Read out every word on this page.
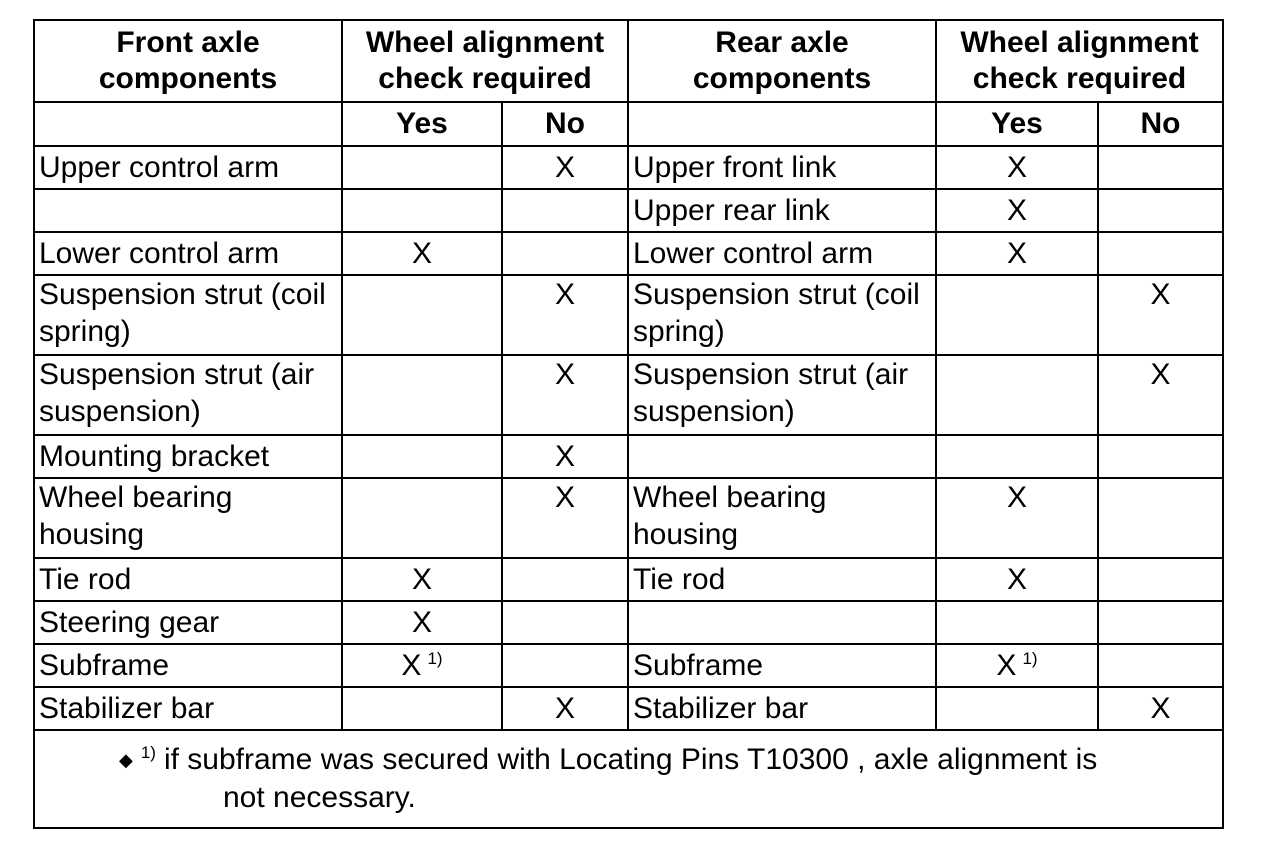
Front axle components	Wheel alignment check required		Rear axle components	Wheel alignment check required	
	Yes	No		Yes	No
Upper control arm		X	Upper front link	X	
			Upper rear link	X	
Lower control arm	X		Lower control arm	X	
Suspension strut (coil spring)		X	Suspension strut (coil spring)		X
Suspension strut (air suspension)		X	Suspension strut (air suspension)		X
Mounting bracket		X			
Wheel bearing housing		X	Wheel bearing housing	X	
Tie rod	X		Tie rod	X	
Steering gear	X				
Subframe	X $^{1)}$		Subframe	X $^{1)}$	
Stabilizer bar		X	Stabilizer bar		X

◆ $^{1)}$ if subframe was secured with Locating Pins T10300 , axle alignment is
not necessary.					
